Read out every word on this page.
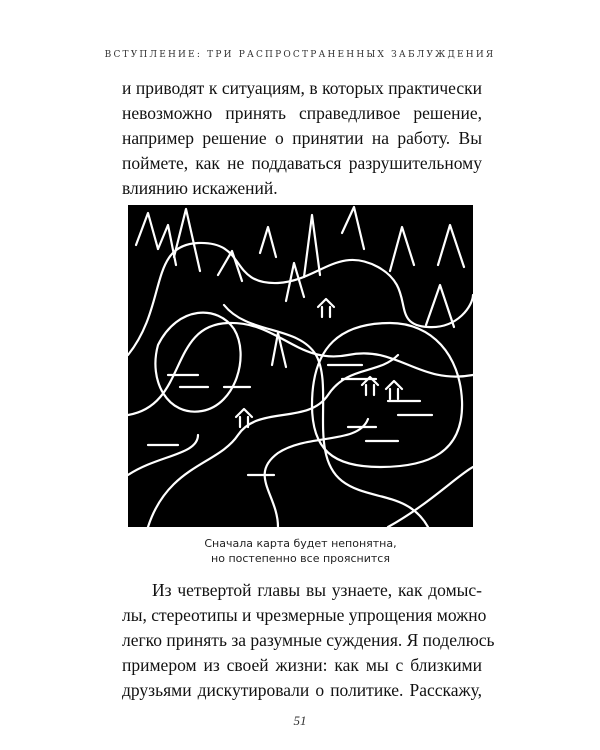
ВСТУПЛЕНИЕ: ТРИ РАСПРОСТРАНЕННЫХ ЗАБЛУЖДЕНИЯ
и приводят к ситуациям, в которых практически
невозможно принять справедливое решение,
например решение о принятии на работу. Вы
поймете, как не поддаваться разрушительному
влиянию искажений.
Сначала карта будет непонятна,
но постепенно все прояснится
Из четвертой главы вы узнаете, как домыс-
лы, стереотипы и чрезмерные упрощения можно
легко принять за разумные суждения. Я поделюсь
примером из своей жизни: как мы с близкими
друзьями дискутировали о политике. Расскажу,
51
